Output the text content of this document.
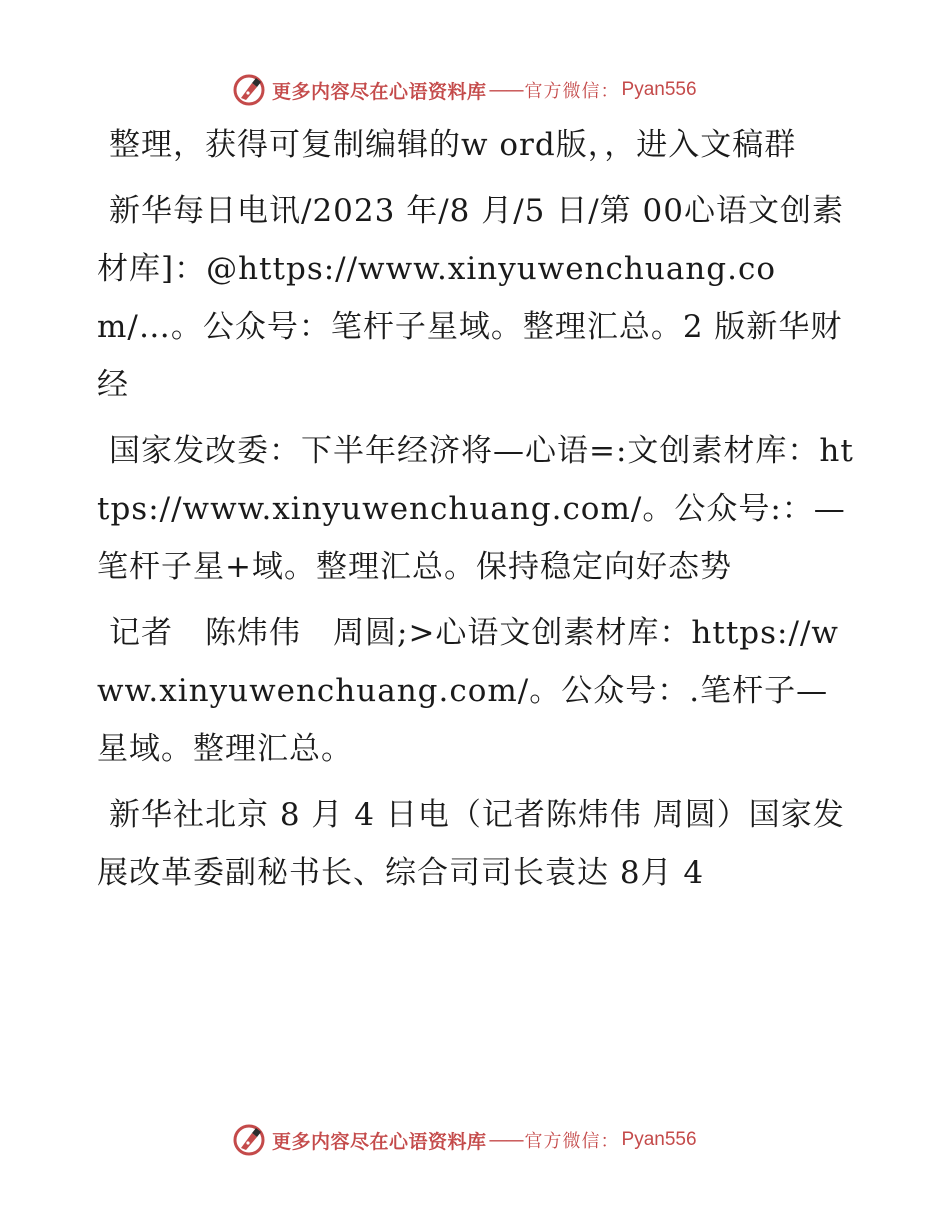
更多内容尽在心语资料库 —— 官方微信： Pyan556

整理，获得可复制编辑的w ord版，，进入文稿群

新华每日电讯/2023 年/8 月/5 日/第 00心语文创素材库]：@https://www.xinyuwenchuang.com/…。公众号：笔杆子星域。整理汇总。2 版新华财经

国家发改委：下半年经济将—心语=:文创素材库：https://www.xinyuwenchuang.com/。公众号:：—笔杆子星+域。整理汇总。保持稳定向好态势

记者　陈炜伟　周圆;>心语文创素材库：https://www.xinyuwenchuang.com/。公众号：.笔杆子—星域。整理汇总。

新华社北京 8 月 4 日电（记者陈炜伟 周圆）国家发展改革委副秘书长、综合司司长袁达 8月 4

更多内容尽在心语资料库 —— 官方微信： Pyan556
